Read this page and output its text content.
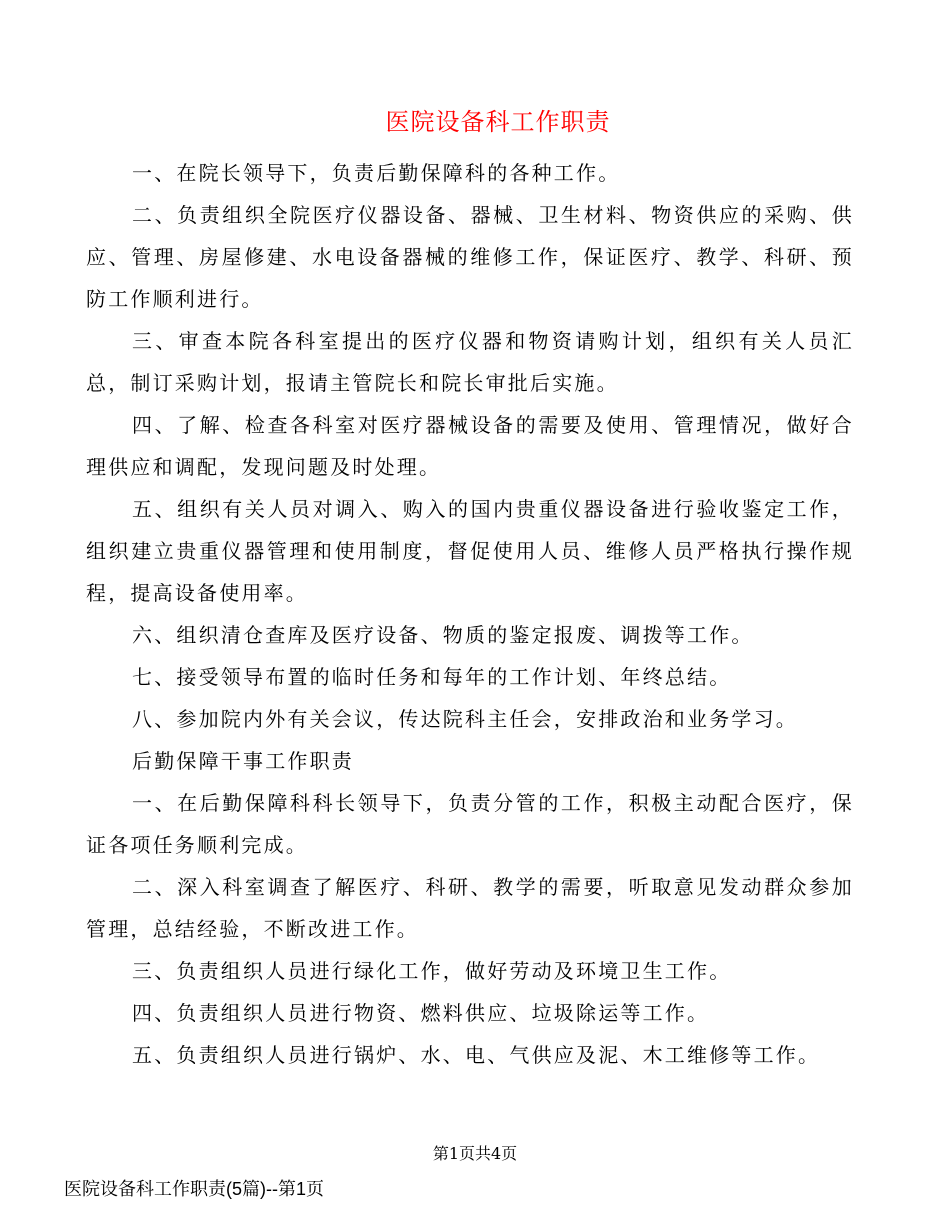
医院设备科工作职责

一、在院长领导下，负责后勤保障科的各种工作。

二、负责组织全院医疗仪器设备、器械、卫生材料、物资供应的采购、供应、管理、房屋修建、水电设备器械的维修工作，保证医疗、教学、科研、预防工作顺利进行。

三、审查本院各科室提出的医疗仪器和物资请购计划，组织有关人员汇总，制订采购计划，报请主管院长和院长审批后实施。

四、了解、检查各科室对医疗器械设备的需要及使用、管理情况，做好合理供应和调配，发现问题及时处理。

五、组织有关人员对调入、购入的国内贵重仪器设备进行验收鉴定工作，组织建立贵重仪器管理和使用制度，督促使用人员、维修人员严格执行操作规程，提高设备使用率。

六、组织清仓查库及医疗设备、物质的鉴定报废、调拨等工作。

七、接受领导布置的临时任务和每年的工作计划、年终总结。

八、参加院内外有关会议，传达院科主任会，安排政治和业务学习。

后勤保障干事工作职责

一、在后勤保障科科长领导下，负责分管的工作，积极主动配合医疗，保证各项任务顺利完成。

二、深入科室调查了解医疗、科研、教学的需要，听取意见发动群众参加管理，总结经验，不断改进工作。

三、负责组织人员进行绿化工作，做好劳动及环境卫生工作。

四、负责组织人员进行物资、燃料供应、垃圾除运等工作。

五、负责组织人员进行锅炉、水、电、气供应及泥、木工维修等工作。

第1页共4页
医院设备科工作职责(5篇)--第1页
